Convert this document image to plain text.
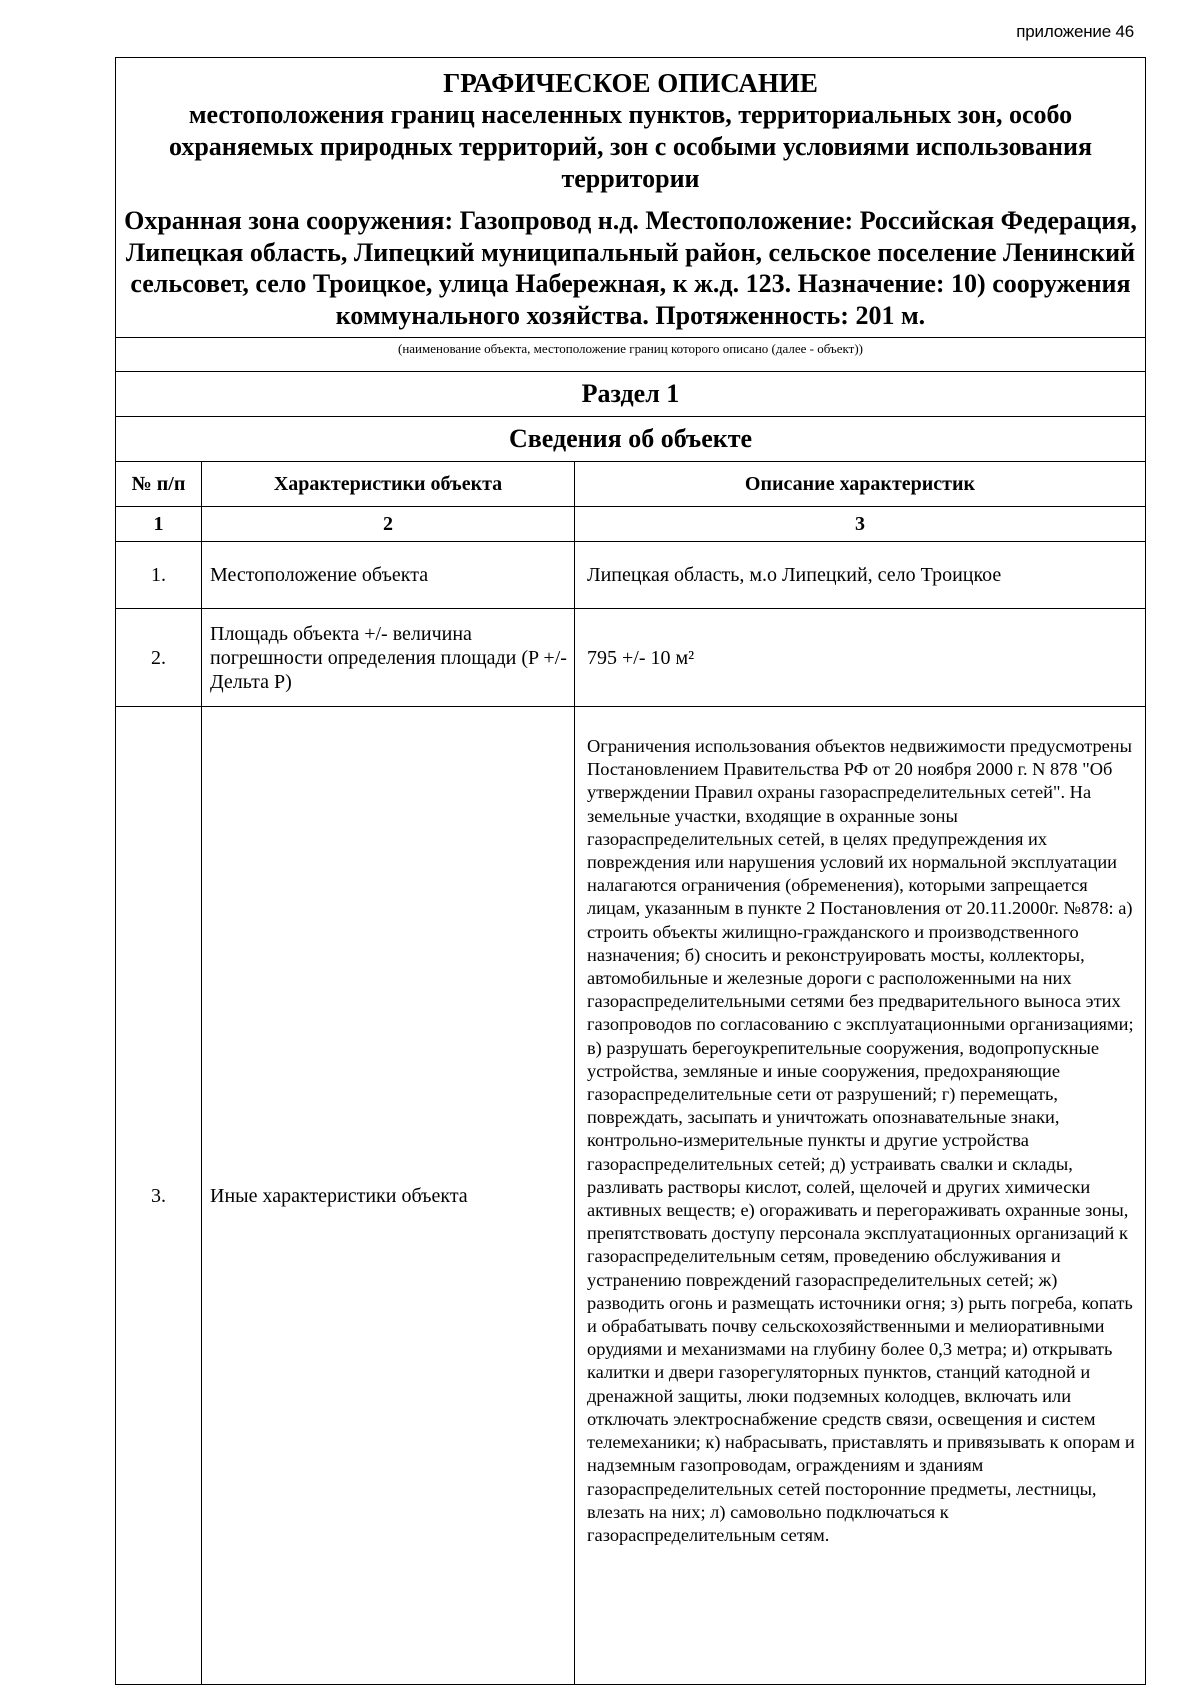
приложение 46
ГРАФИЧЕСКОЕ ОПИСАНИЕ
местоположения границ населенных пунктов, территориальных зон, особо охраняемых природных территорий, зон с особыми условиями использования территории
Охранная зона сооружения: Газопровод н.д. Местоположение: Российская Федерация, Липецкая область, Липецкий муниципальный район, сельское поселение Ленинский сельсовет, село Троицкое, улица Набережная, к ж.д. 123. Назначение: 10) сооружения коммунального хозяйства. Протяженность: 201 м.
(наименование объекта, местоположение границ которого описано (далее - объект))
Раздел 1
Сведения об объекте
№ п/п	Характеристики объекта	Описание характеристик
1	2	3
1.	Местоположение объекта	Липецкая область, м.о Липецкий, село Троицкое
2.	Площадь объекта +/- величина погрешности определения площади (P +/- Дельта P)	795 +/- 10 м²
3.	Иные характеристики объекта	Ограничения использования объектов недвижимости предусмотрены Постановлением Правительства РФ от 20 ноября 2000 г. N 878 "Об утверждении Правил охраны газораспределительных сетей". На земельные участки, входящие в охранные зоны газораспределительных сетей, в целях предупреждения их повреждения или нарушения условий их нормальной эксплуатации налагаются ограничения (обременения), которыми запрещается лицам, указанным в пункте 2 Постановления от 20.11.2000г. №878: а) строить объекты жилищно-гражданского и производственного назначения; б) сносить и реконструировать мосты, коллекторы, автомобильные и железные дороги с расположенными на них газораспределительными сетями без предварительного выноса этих газопроводов по согласованию с эксплуатационными организациями; в) разрушать берегоукрепительные сооружения, водопропускные устройства, земляные и иные сооружения, предохраняющие газораспределительные сети от разрушений; г) перемещать, повреждать, засыпать и уничтожать опознавательные знаки, контрольно-измерительные пункты и другие устройства газораспределительных сетей; д) устраивать свалки и склады, разливать растворы кислот, солей, щелочей и других химически активных веществ; е) огораживать и перегораживать охранные зоны, препятствовать доступу персонала эксплуатационных организаций к газораспределительным сетям, проведению обслуживания и устранению повреждений газораспределительных сетей; ж) разводить огонь и размещать источники огня; з) рыть погреба, копать и обрабатывать почву сельскохозяйственными и мелиоративными орудиями и механизмами на глубину более 0,3 метра; и) открывать калитки и двери газорегуляторных пунктов, станций катодной и дренажной защиты, люки подземных колодцев, включать или отключать электроснабжение средств связи, освещения и систем телемеханики; к) набрасывать, приставлять и привязывать к опорам и надземным газопроводам, ограждениям и зданиям газораспределительных сетей посторонние предметы, лестницы, влезать на них; л) самовольно подключаться к газораспределительным сетям.
